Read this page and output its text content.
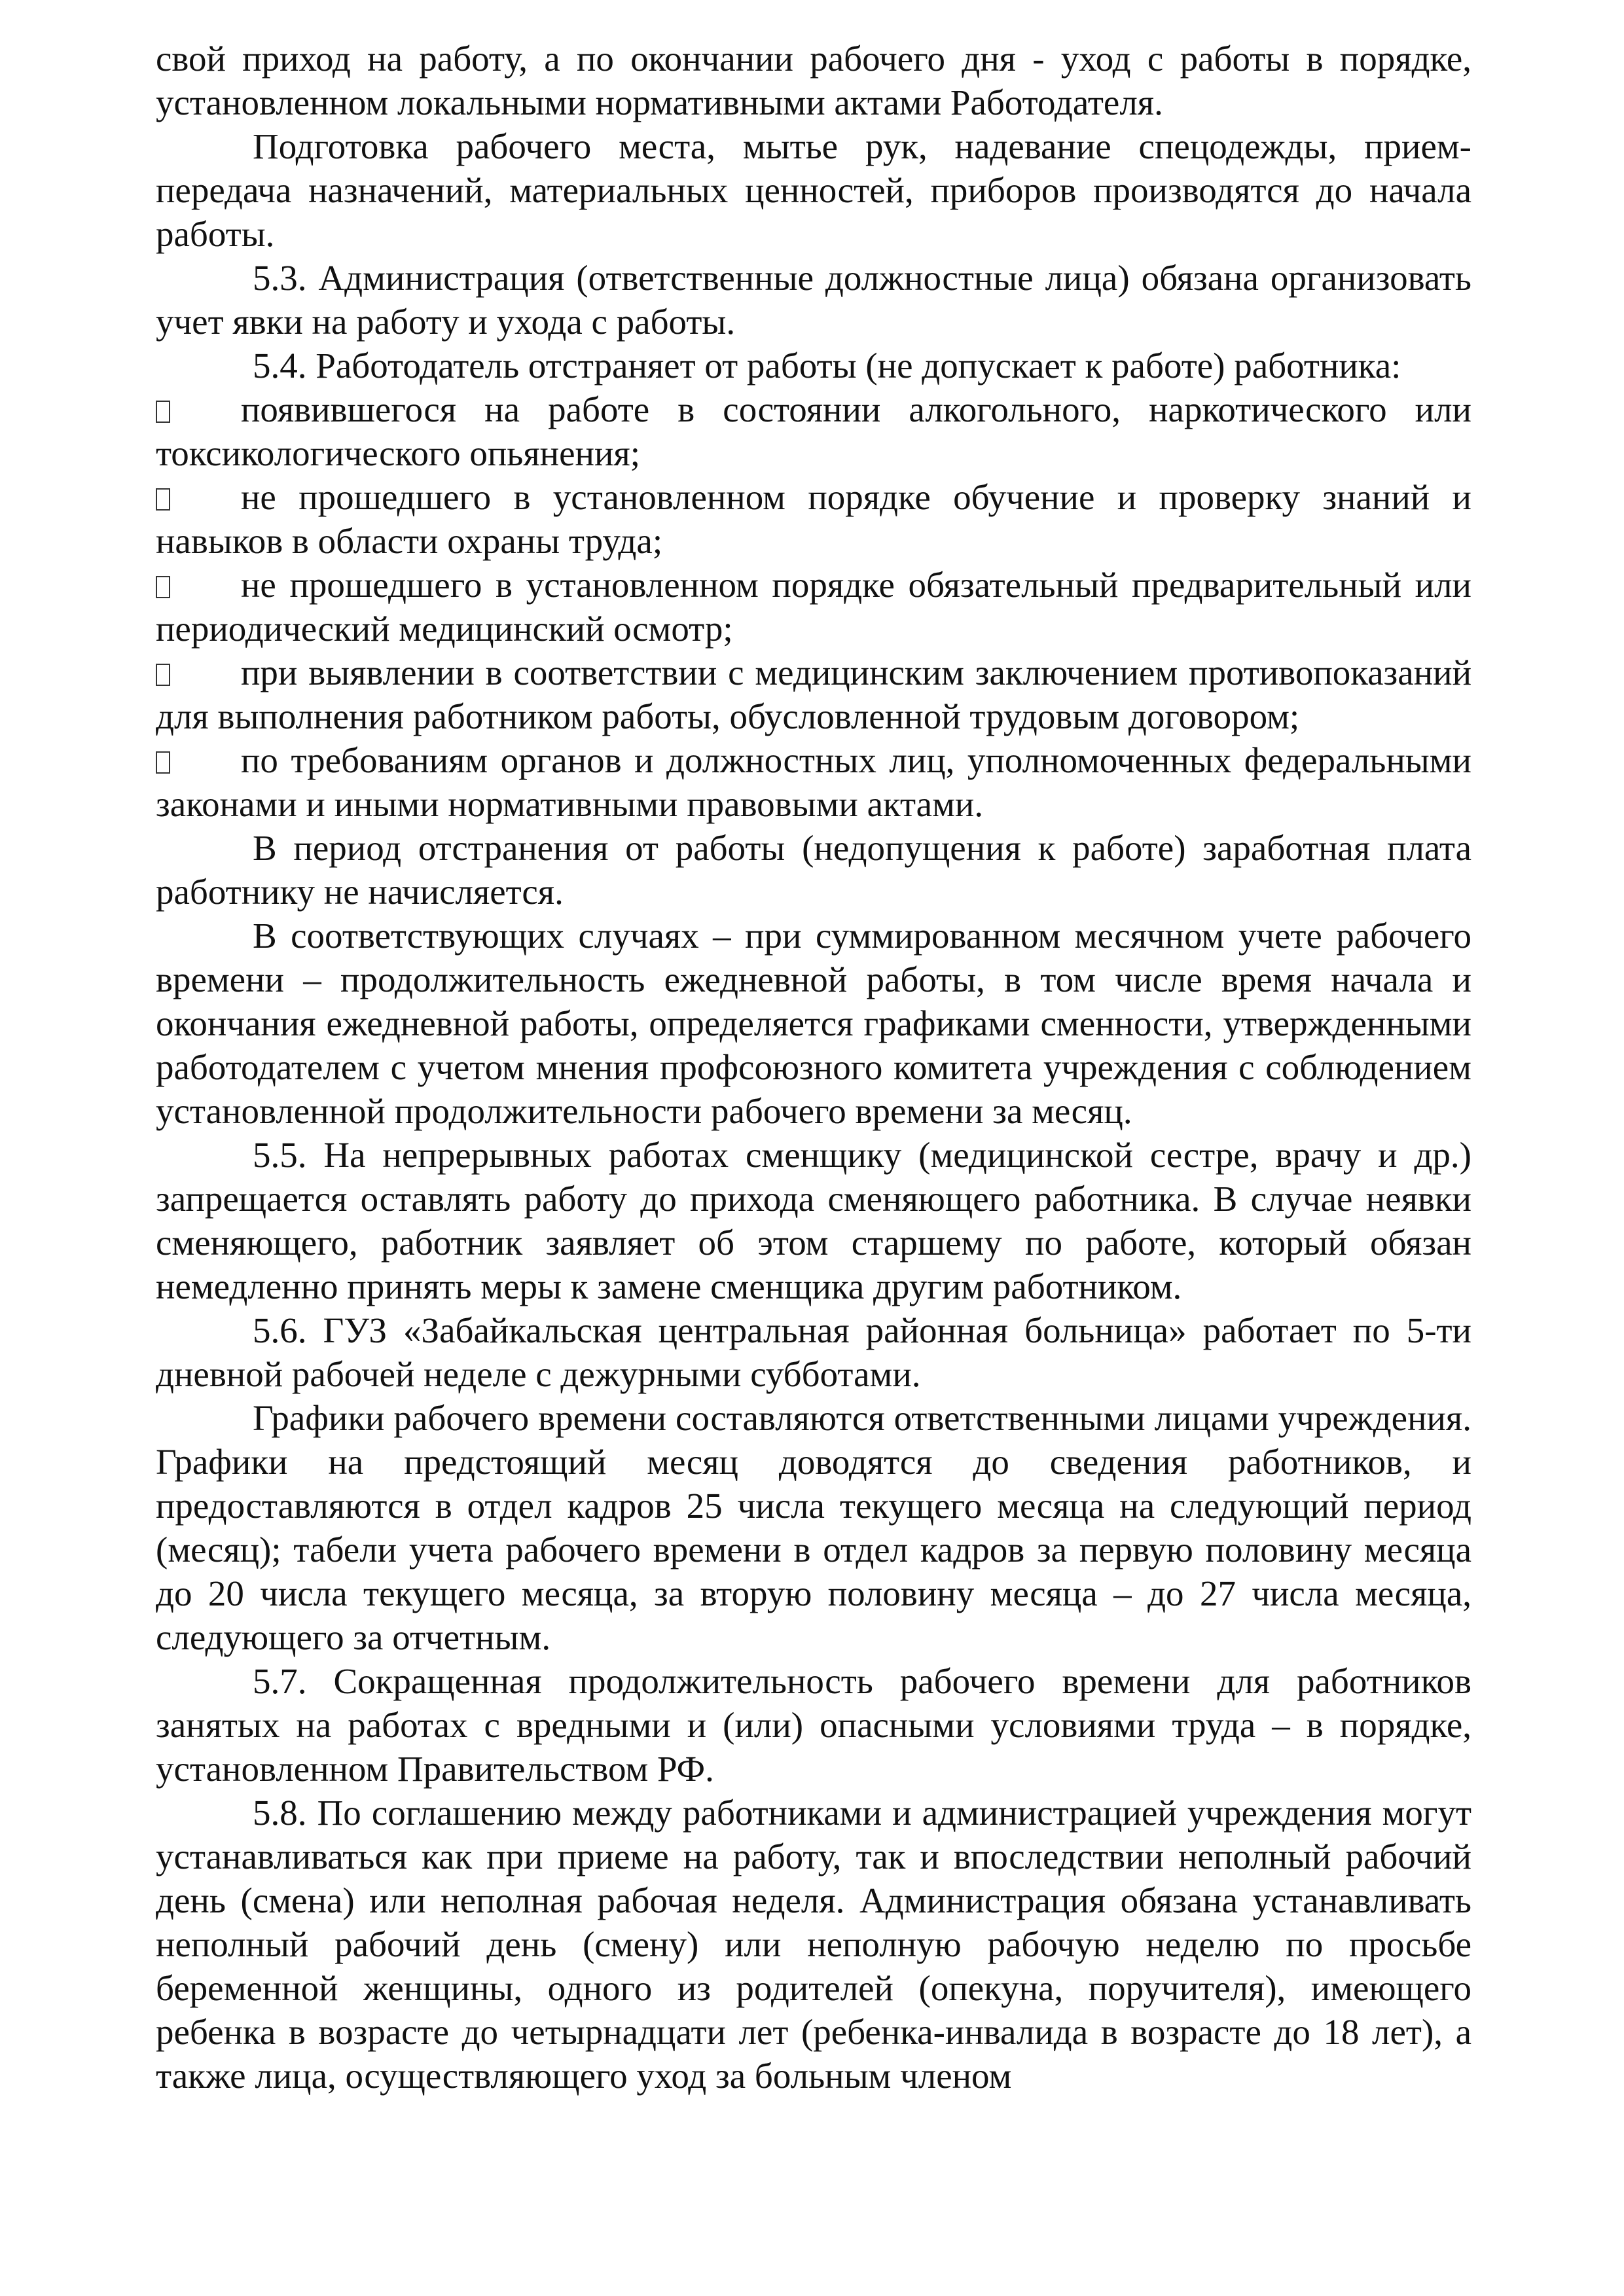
свой приход на работу, а по окончании рабочего дня - уход с работы в порядке, установленном локальными нормативными актами Работодателя.

Подготовка рабочего места, мытье рук, надевание спецодежды, прием-передача назначений, материальных ценностей, приборов производятся до начала работы.

5.3. Администрация (ответственные должностные лица) обязана организовать учет явки на работу и ухода с работы.

5.4. Работодатель отстраняет от работы (не допускает к работе) работника:

появившегося на работе в состоянии алкогольного, наркотического или токсикологического опьянения;

не прошедшего в установленном порядке обучение и проверку знаний и навыков в области охраны труда;

не прошедшего в установленном порядке обязательный предварительный или периодический медицинский осмотр;

при выявлении в соответствии с медицинским заключением противопоказаний для выполнения работником работы, обусловленной трудовым договором;

по требованиям органов и должностных лиц, уполномоченных федеральными законами и иными нормативными правовыми актами.

В период отстранения от работы (недопущения к работе) заработная плата работнику не начисляется.

В соответствующих случаях – при суммированном месячном учете рабочего времени – продолжительность ежедневной работы, в том числе время начала и окончания ежедневной работы, определяется графиками сменности, утвержденными работодателем с учетом мнения профсоюзного комитета учреждения с соблюдением установленной продолжительности рабочего времени за месяц.

5.5. На непрерывных работах сменщику (медицинской сестре, врачу и др.) запрещается оставлять работу до прихода сменяющего работника. В случае неявки сменяющего, работник заявляет об этом старшему по работе, который обязан немедленно принять меры к замене сменщика другим работником.

5.6. ГУЗ «Забайкальская центральная районная больница» работает по 5-ти дневной рабочей неделе с дежурными субботами.

Графики рабочего времени составляются ответственными лицами учреждения. Графики на предстоящий месяц доводятся до сведения работников, и предоставляются в отдел кадров 25 числа текущего месяца на следующий период (месяц); табели учета рабочего времени в отдел кадров за первую половину месяца до 20 числа текущего месяца, за вторую половину месяца – до 27 числа месяца, следующего за отчетным.

5.7. Сокращенная продолжительность рабочего времени для работников занятых на работах с вредными и (или) опасными условиями труда – в порядке, установленном Правительством РФ.

5.8. По соглашению между работниками и администрацией учреждения могут устанавливаться как при приеме на работу, так и впоследствии неполный рабочий день (смена) или неполная рабочая неделя. Администрация обязана устанавливать неполный рабочий день (смену) или неполную рабочую неделю по просьбе беременной женщины, одного из родителей (опекуна, поручителя), имеющего ребенка в возрасте до четырнадцати лет (ребенка-инвалида в возрасте до 18 лет), а также лица, осуществляющего уход за больным членом
